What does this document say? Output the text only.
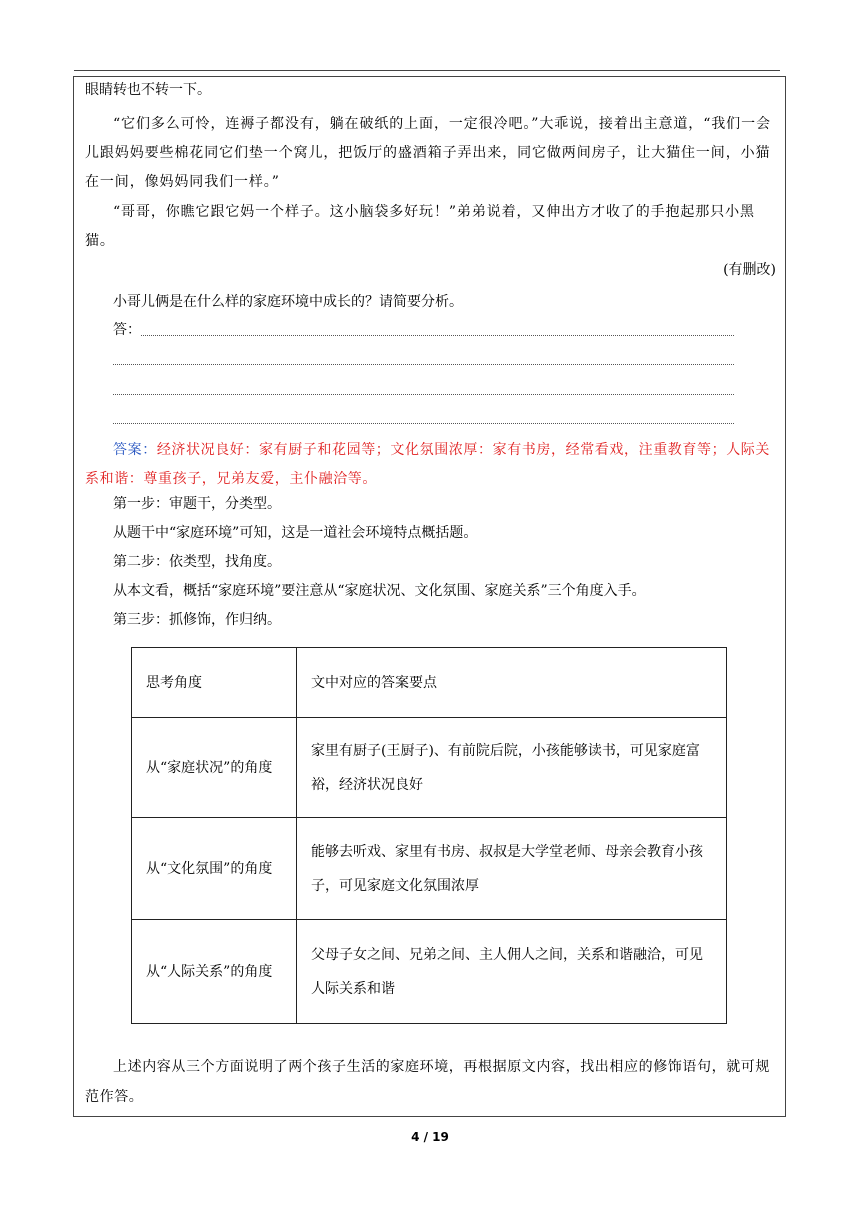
眼睛转也不转一下。
“它们多么可怜，连褥子都没有，躺在破纸的上面，一定很冷吧。”大乖说，接着出主意道，“我们一会儿跟妈妈要些棉花同它们垫一个窝儿，把饭厅的盛酒箱子弄出来，同它做两间房子，让大猫住一间，小猫在一间，像妈妈同我们一样。”
“哥哥，你瞧它跟它妈一个样子。这小脑袋多好玩！”弟弟说着，又伸出方才收了的手抱起那只小黑猫。
(有删改)
小哥儿俩是在什么样的家庭环境中成长的？请简要分析。
答：
答案：经济状况良好：家有厨子和花园等；文化氛围浓厚：家有书房，经常看戏，注重教育等；人际关系和谐：尊重孩子，兄弟友爱，主仆融洽等。
第一步：审题干，分类型。
从题干中“家庭环境”可知，这是一道社会环境特点概括题。
第二步：依类型，找角度。
从本文看，概括“家庭环境”要注意从“家庭状况、文化氛围、家庭关系”三个角度入手。
第三步：抓修饰，作归纳。
思考角度	文中对应的答案要点
从“家庭状况”的角度	家里有厨子(王厨子)、有前院后院，小孩能够读书，可见家庭富裕，经济状况良好
从“文化氛围”的角度	能够去听戏、家里有书房、叔叔是大学堂老师、母亲会教育小孩子，可见家庭文化氛围浓厚
从“人际关系”的角度	父母子女之间、兄弟之间、主人佣人之间，关系和谐融洽，可见人际关系和谐
上述内容从三个方面说明了两个孩子生活的家庭环境，再根据原文内容，找出相应的修饰语句，就可规范作答。
4 / 19
